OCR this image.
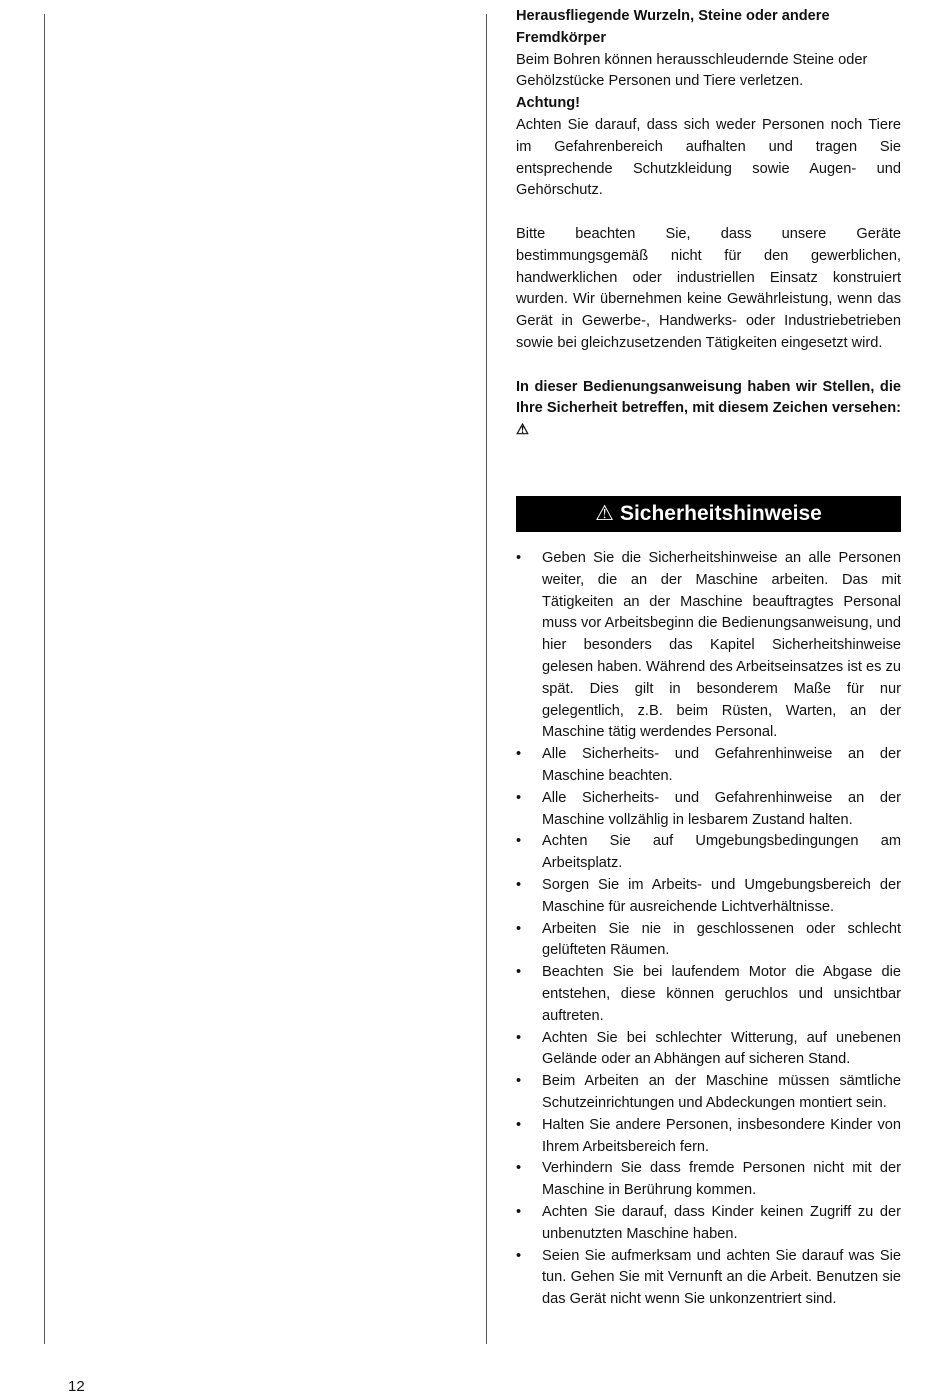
Herausfliegende Wurzeln, Steine oder andere Fremdkörper

Beim Bohren können herausschleudernde Steine oder Gehölzstücke Personen und Tiere verletzen.

Achtung!

Achten Sie darauf, dass sich weder Personen noch Tiere im Gefahrenbereich aufhalten und tragen Sie entsprechende Schutzkleidung sowie Augen- und Gehörschutz.

Bitte beachten Sie, dass unsere Geräte bestimmungsgemäß nicht für den gewerblichen, handwerklichen oder industriellen Einsatz konstruiert wurden. Wir übernehmen keine Gewährleistung, wenn das Gerät in Gewerbe-, Handwerks- oder Industriebetrieben sowie bei gleichzusetzenden Tätigkeiten eingesetzt wird.

In dieser Bedienungsanweisung haben wir Stellen, die Ihre Sicherheit betreffen, mit diesem Zeichen versehen: ⚠

⚠ Sicherheitshinweise
• Geben Sie die Sicherheitshinweise an alle Personen weiter, die an der Maschine arbeiten. Das mit Tätigkeiten an der Maschine beauftragtes Personal muss vor Arbeitsbeginn die Bedienungsanweisung, und hier besonders das Kapitel Sicherheitshinweise gelesen haben. Während des Arbeitseinsatzes ist es zu spät. Dies gilt in besonderem Maße für nur gelegentlich, z.B. beim Rüsten, Warten, an der Maschine tätig werdendes Personal.
• Alle Sicherheits- und Gefahrenhinweise an der Maschine beachten.
• Alle Sicherheits- und Gefahrenhinweise an der Maschine vollzählig in lesbarem Zustand halten.
• Achten Sie auf Umgebungsbedingungen am Arbeitsplatz.
• Sorgen Sie im Arbeits- und Umgebungsbereich der Maschine für ausreichende Lichtverhältnisse.
• Arbeiten Sie nie in geschlossenen oder schlecht gelüfteten Räumen.
• Beachten Sie bei laufendem Motor die Abgase die entstehen, diese können geruchlos und unsichtbar auftreten.
• Achten Sie bei schlechter Witterung, auf unebenen Gelände oder an Abhängen auf sicheren Stand.
• Beim Arbeiten an der Maschine müssen sämtliche Schutzeinrichtungen und Abdeckungen montiert sein.
• Halten Sie andere Personen, insbesondere Kinder von Ihrem Arbeitsbereich fern.
• Verhindern Sie dass fremde Personen nicht mit der Maschine in Berührung kommen.
• Achten Sie darauf, dass Kinder keinen Zugriff zu der unbenutzten Maschine haben.
• Seien Sie aufmerksam und achten Sie darauf was Sie tun. Gehen Sie mit Vernunft an die Arbeit. Benutzen sie das Gerät nicht wenn Sie unkonzentriert sind.
12
